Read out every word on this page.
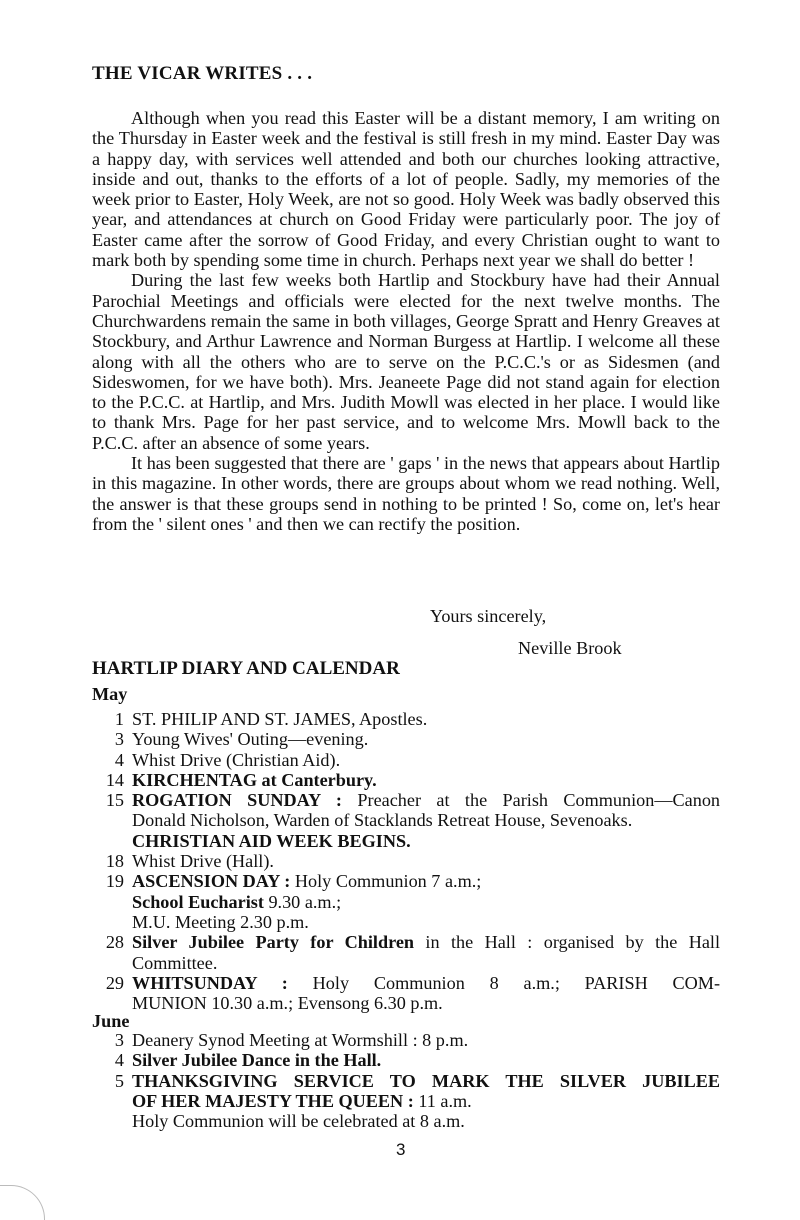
THE VICAR WRITES . . .

Although when you read this Easter will be a distant memory, I am writing on the Thursday in Easter week and the festival is still fresh in my mind. Easter Day was a happy day, with services well attended and both our churches looking attractive, inside and out, thanks to the efforts of a lot of people. Sadly, my memories of the week prior to Easter, Holy Week, are not so good. Holy Week was badly observed this year, and attendances at church on Good Friday were particularly poor. The joy of Easter came after the sorrow of Good Friday, and every Christian ought to want to mark both by spending some time in church. Perhaps next year we shall do better !

During the last few weeks both Hartlip and Stockbury have had their Annual Parochial Meetings and officials were elected for the next twelve months. The Churchwardens remain the same in both villages, George Spratt and Henry Greaves at Stockbury, and Arthur Lawrence and Norman Burgess at Hartlip. I welcome all these along with all the others who are to serve on the P.C.C.'s or as Sidesmen (and Sideswomen, for we have both). Mrs. Jeaneete Page did not stand again for election to the P.C.C. at Hartlip, and Mrs. Judith Mowll was elected in her place. I would like to thank Mrs. Page for her past service, and to welcome Mrs. Mowll back to the P.C.C. after an absence of some years.

It has been suggested that there are ' gaps ' in the news that appears about Hartlip in this magazine. In other words, there are groups about whom we read nothing. Well, the answer is that these groups send in nothing to be printed ! So, come on, let's hear from the ' silent ones ' and then we can rectify the position.

Yours sincerely,
Neville Brook
HARTLIP DIARY AND CALENDAR
May
1 ST. PHILIP AND ST. JAMES, Apostles.
3 Young Wives' Outing—evening.
4 Whist Drive (Christian Aid).
14 KIRCHENTAG at Canterbury.
15 ROGATION SUNDAY : Preacher at the Parish Communion—Canon
Donald Nicholson, Warden of Stacklands Retreat House, Sevenoaks.
CHRISTIAN AID WEEK BEGINS.
18 Whist Drive (Hall).
19 ASCENSION DAY : Holy Communion 7 a.m.;
School Eucharist 9.30 a.m.;
M.U. Meeting 2.30 p.m.
28 Silver Jubilee Party for Children in the Hall : organised by the Hall
Committee.
29 WHITSUNDAY : Holy Communion 8 a.m.; PARISH COM-
MUNION 10.30 a.m.; Evensong 6.30 p.m.
June
3 Deanery Synod Meeting at Wormshill : 8 p.m.
4 Silver Jubilee Dance in the Hall.
5 THANKSGIVING SERVICE TO MARK THE SILVER JUBILEE
OF HER MAJESTY THE QUEEN : 11 a.m.
Holy Communion will be celebrated at 8 a.m.
3
